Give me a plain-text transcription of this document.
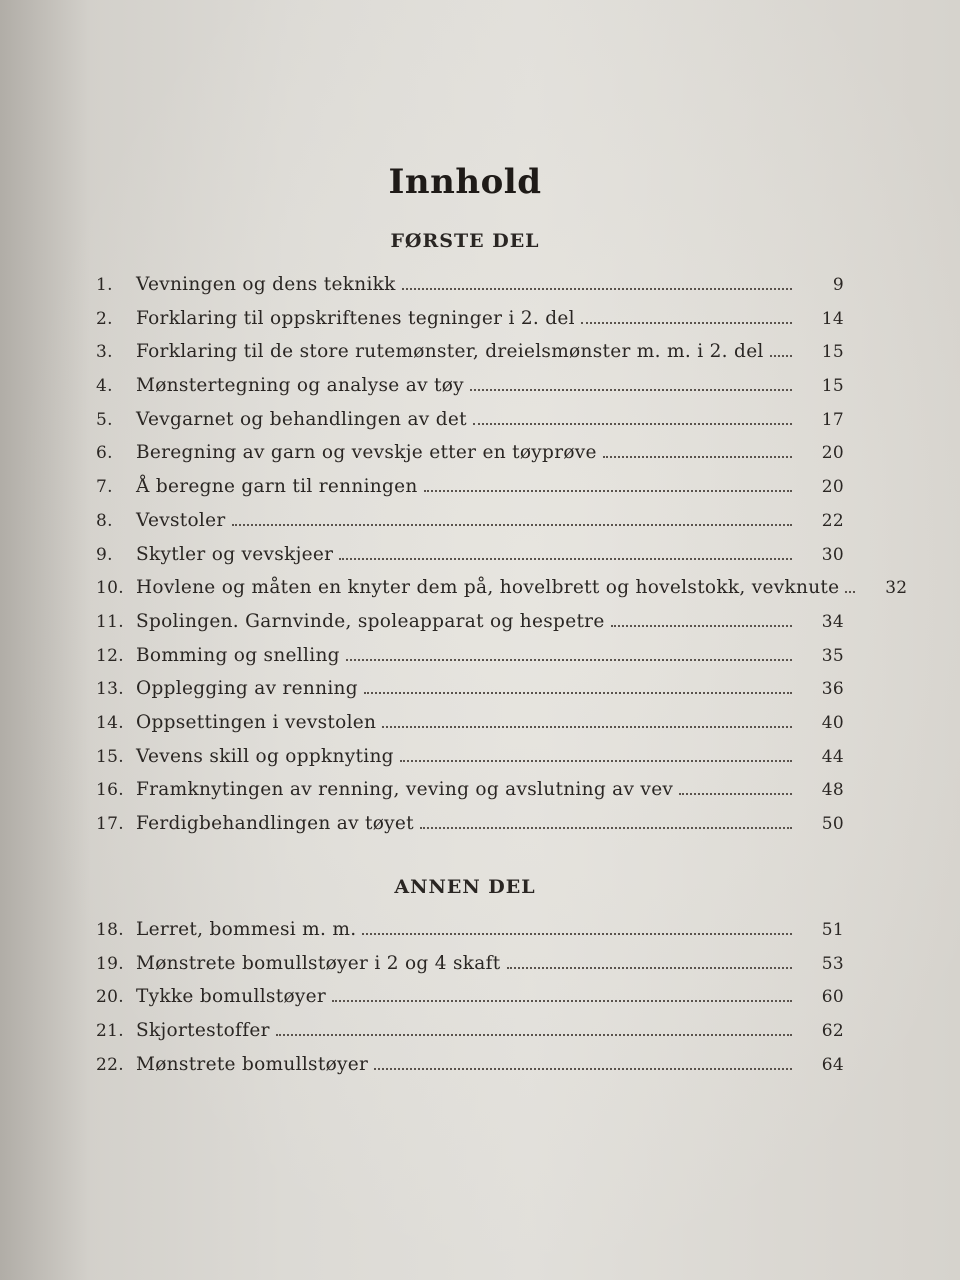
Innhold
FØRSTE DEL
1.	Vevningen og dens teknikk	9
2.	Forklaring til oppskriftenes tegninger i 2. del	14
3.	Forklaring til de store rutemønster, dreielsmønster m. m. i 2. del	15
4.	Mønstertegning og analyse av tøy	15
5.	Vevgarnet og behandlingen av det	17
6.	Beregning av garn og vevskje etter en tøyprøve	20
7.	Å beregne garn til renningen	20
8.	Vevstoler	22
9.	Skytler og vevskjeer	30
10. Hovlene og måten en knyter dem på, hovelbrett og hovelstokk, vevknute	32
11. Spolingen. Garnvinde, spoleapparat og hespetre	34
12. Bomming og snelling	35
13. Opplegging av renning	36
14. Oppsettingen i vevstolen	40
15. Vevens skill og oppknyting	44
16. Framknytingen av renning, veving og avslutning av vev	48
17. Ferdigbehandlingen av tøyet	50
ANNEN DEL
18. Lerret, bommesi m. m.	51
19. Mønstrete bomullstøyer i 2 og 4 skaft	53
20. Tykke bomullstøyer	60
21. Skjortestoffer	62
22. Mønstrete bomullstøyer	64
